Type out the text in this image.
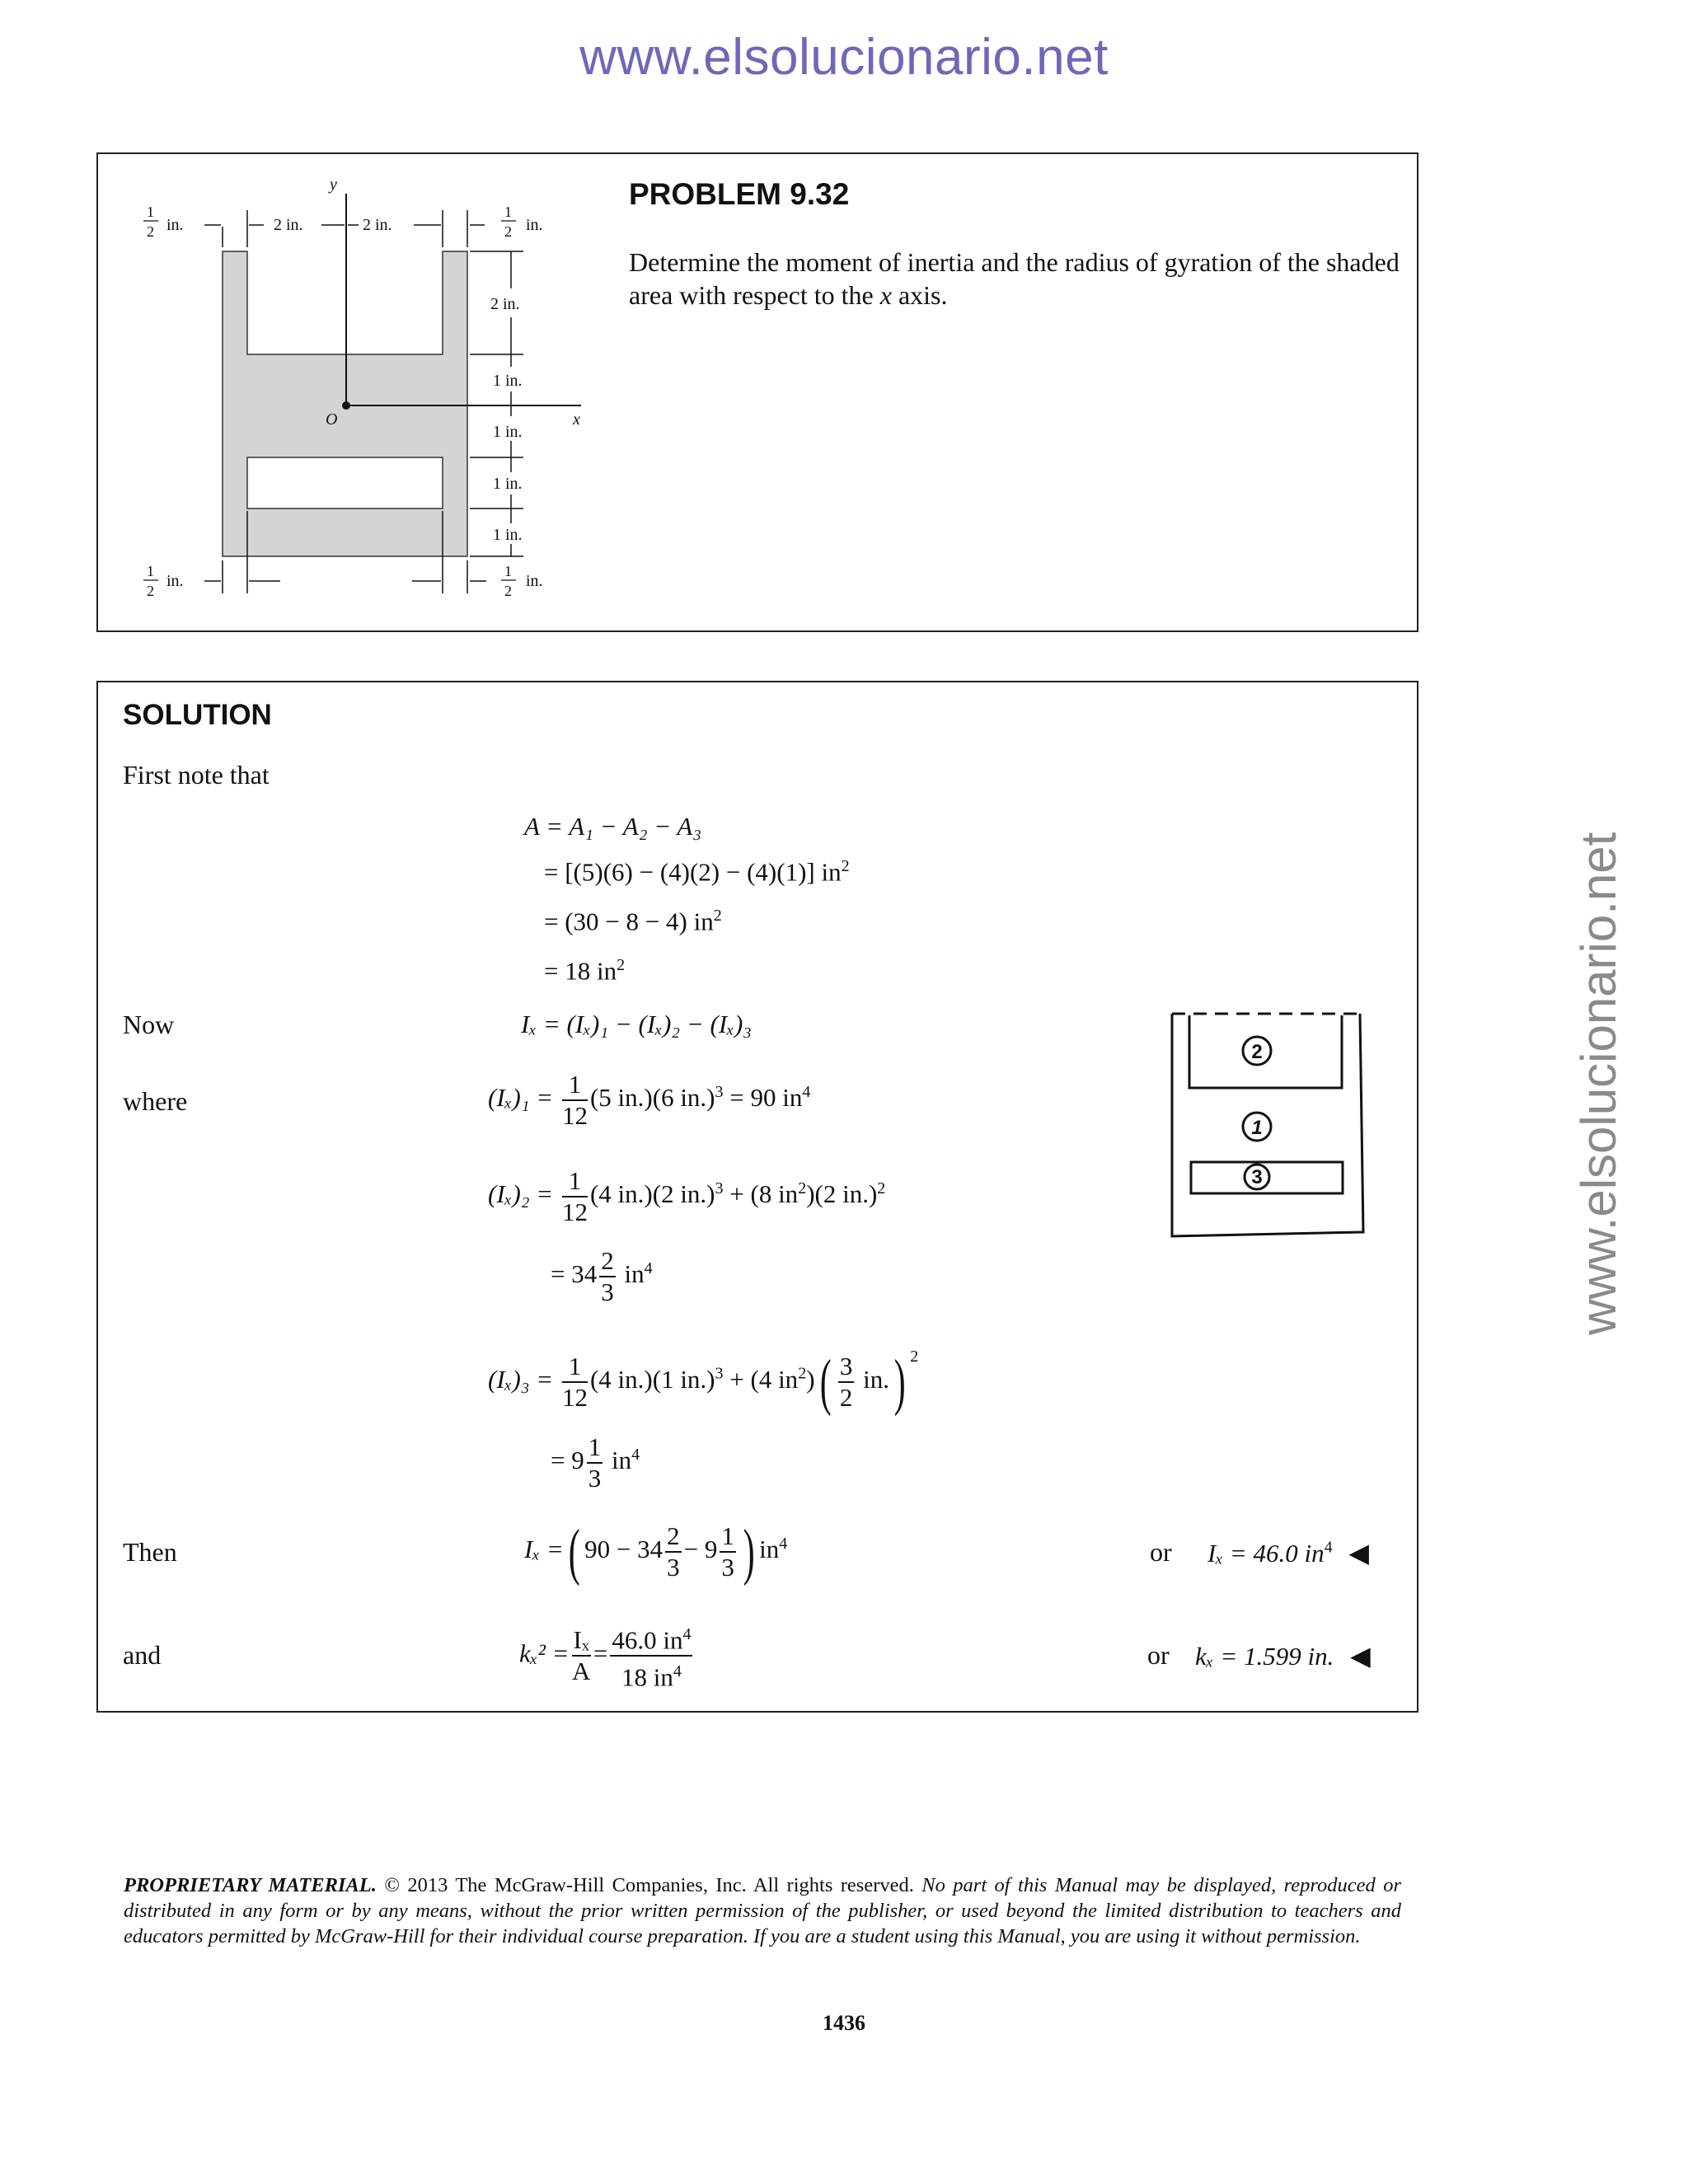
www.elsolucionario.net
www.elsolucionario.net
y
x
O
1
2 in.	2 in.	2 in.
1
2 in.
2 in.
1 in.
1 in.
1 in.
1 in.
1
2
in.
1
2
in.
PROBLEM 9.32
Determine the moment of inertia and the radius of gyration of the shaded area with respect to the x axis.
SOLUTION
First note that
A = A₁ − A₂ − A₃
= [(5)(6) − (4)(2) − (4)(1)] $in^2$
= (30 − 8 − 4) $in^2$
= 18 $in^2$
Now	Iₓ = (Iₓ)₁ − (Iₓ)₂ − (Iₓ)₃
where	$(I_x)_1 = \frac{1}{12} (5$ in.)(6 in.)$^3$ = 90 $in^4$
$(I_x)_2 = \frac{1}{12} (4$ in.)(2 in.)$^3$ + (8 $in^2)(2$ in.)$^2$
= $34 \frac{2}{3} in^4$
$(I_x)_3 = \frac{1}{12} (4$ in.)(1 in.)$^3$ + (4 $in^2)( \frac{3}{2} in.)$ $^2$
= $9 \frac{1}{3} in^4$
Then	Iₓ =( $90 - 34 \frac{2}{3} - 9 \frac{1}{3}$ ) $in^4$	or Iₓ = 46.0 $in^4$ ◀
and	$k_x^2 = \frac{\text{Iₓ}}{A} = \frac{46.0 in^4}{18 in^4}$	or kₓ = 1.599 in. ◀
2
1
3
PROPRIETARY MATERIAL. © 2013 The McGraw-Hill Companies, Inc. All rights reserved. No part of this Manual may be displayed, reproduced or distributed in any form or by any means, without the prior written permission of the publisher, or used beyond the limited distribution to teachers and educators permitted by McGraw-Hill for their individual course preparation. If you are a student using this Manual, you are using it without permission.
1436
